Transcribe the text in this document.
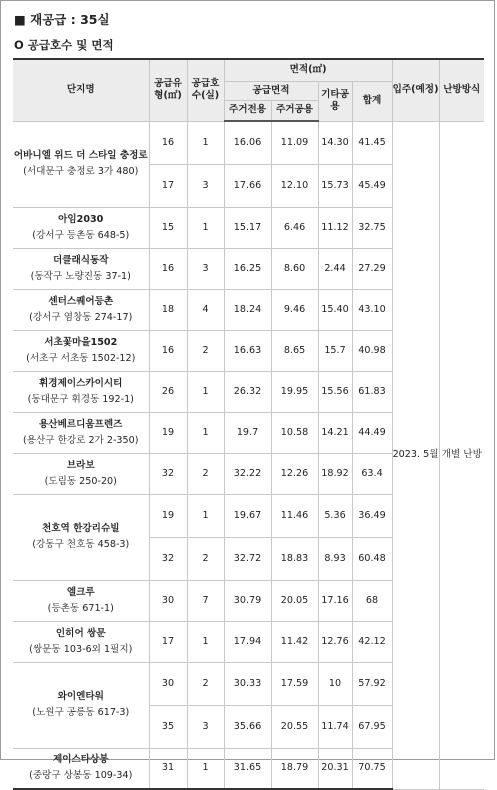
■ 재공급 : 35실
O 공급호수 및 면적
단지명	공급유형(㎡)	공급호수(실)	면적(㎡)				입주(예정)	난방방식
			공급면적		기타공용	합계		
			주거전용	주거공용				

어바니엘 위드 더 스타일 충정로
(서대문구 충정로 3가 480)	16	1	16.06	11.09	14.30	41.45	2023. 5월	개별 난방
	17	3	17.66	12.10	15.73	45.49		

아임2030
(강서구 등촌동 648-5)	15	1	15.17	6.46	11.12	32.75		

더클래식동작
(동작구 노량진동 37-1)	16	3	16.25	8.60	2.44	27.29		

센터스퀘어등촌
(강서구 염창동 274-17)	18	4	18.24	9.46	15.40	43.10		

서초꽃마을1502
(서초구 서초동 1502-12)	16	2	16.63	8.65	15.7	40.98		

휘경제이스카이시티
(동대문구 휘경동 192-1)	26	1	26.32	19.95	15.56	61.83		

용산베르디움프렌즈
(용산구 한강로 2가 2-350)	19	1	19.7	10.58	14.21	44.49		

브라보
(도림동 250-20)	32	2	32.22	12.26	18.92	63.4		

천호역 한강리슈빌
(강동구 천호동 458-3)	19	1	19.67	11.46	5.36	36.49		
	32	2	32.72	18.83	8.93	60.48		

엘크루
(등촌동 671-1)	30	7	30.79	20.05	17.16	68		

인히어 쌍문
(쌍문동 103-6외 1필지)	17	1	17.94	11.42	12.76	42.12		

와이엔타워
(노원구 공릉동 617-3)	30	2	30.33	17.59	10	57.92		
	35	3	35.66	20.55	11.74	67.95		

제이스타상봉
(중랑구 상봉동 109-34)	31	1	31.65	18.79	20.31	70.75		
